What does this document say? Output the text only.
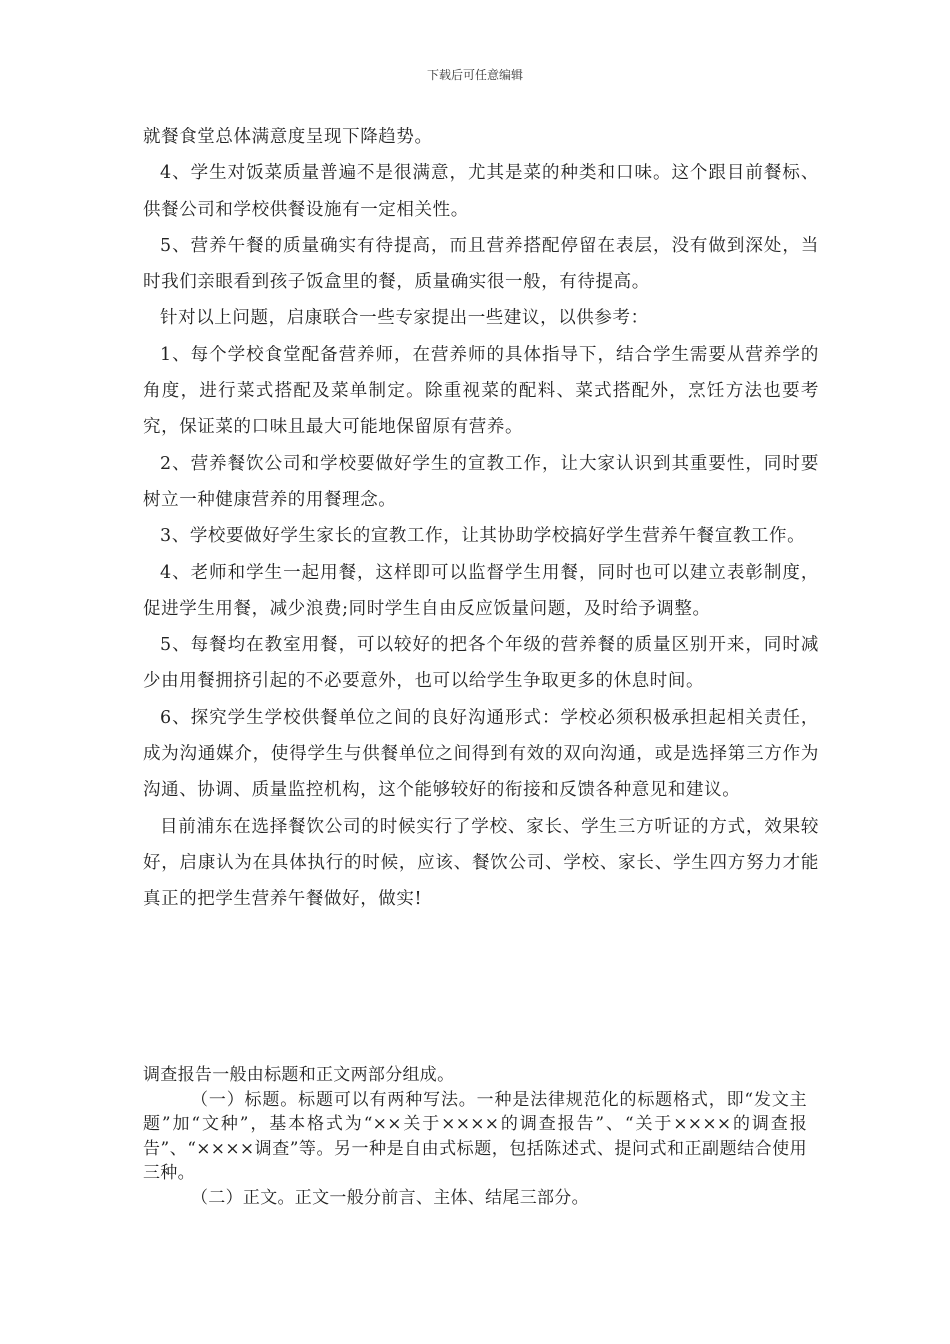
下载后可任意编辑

就餐食堂总体满意度呈现下降趋势。

4、学生对饭菜质量普遍不是很满意，尤其是菜的种类和口味。这个跟目前餐标、供餐公司和学校供餐设施有一定相关性。

5、营养午餐的质量确实有待提高，而且营养搭配停留在表层，没有做到深处，当时我们亲眼看到孩子饭盒里的餐，质量确实很一般，有待提高。

针对以上问题，启康联合一些专家提出一些建议，以供参考：

1、每个学校食堂配备营养师，在营养师的具体指导下，结合学生需要从营养学的角度，进行菜式搭配及菜单制定。除重视菜的配料、菜式搭配外，烹饪方法也要考究，保证菜的口味且最大可能地保留原有营养。

2、营养餐饮公司和学校要做好学生的宣教工作，让大家认识到其重要性，同时要树立一种健康营养的用餐理念。

3、学校要做好学生家长的宣教工作，让其协助学校搞好学生营养午餐宣教工作。

4、老师和学生一起用餐，这样即可以监督学生用餐，同时也可以建立表彰制度，促进学生用餐，减少浪费;同时学生自由反应饭量问题，及时给予调整。

5、每餐均在教室用餐，可以较好的把各个年级的营养餐的质量区别开来，同时减少由用餐拥挤引起的不必要意外，也可以给学生争取更多的休息时间。

6、探究学生学校供餐单位之间的良好沟通形式：学校必须积极承担起相关责任，成为沟通媒介，使得学生与供餐单位之间得到有效的双向沟通，或是选择第三方作为沟通、协调、质量监控机构，这个能够较好的衔接和反馈各种意见和建议。

目前浦东在选择餐饮公司的时候实行了学校、家长、学生三方听证的方式，效果较好，启康认为在具体执行的时候，应该、餐饮公司、学校、家长、学生四方努力才能真正的把学生营养午餐做好，做实!

调查报告一般由标题和正文两部分组成。

（一）标题。标题可以有两种写法。一种是法律规范化的标题格式，即“发文主题”加“文种”，基本格式为“××关于××××的调查报告”、“关于××××的调查报告”、“××××调查”等。另一种是自由式标题，包括陈述式、提问式和正副题结合使用三种。

（二）正文。正文一般分前言、主体、结尾三部分。
